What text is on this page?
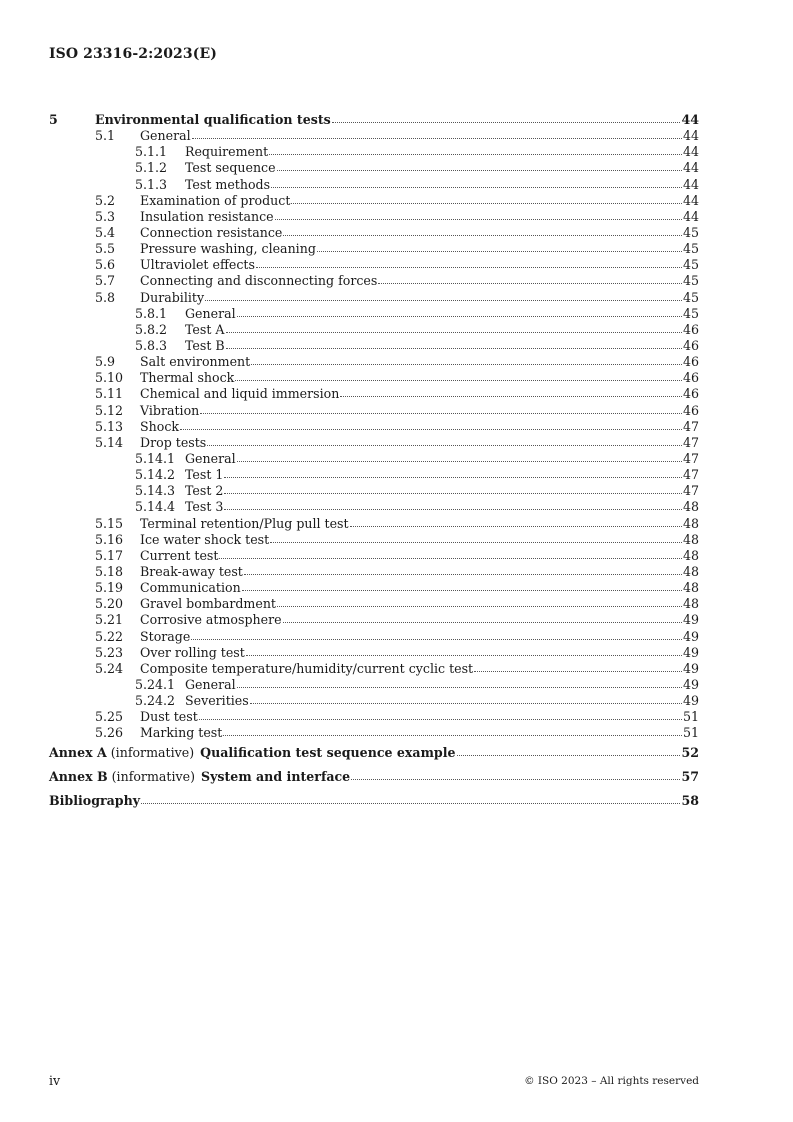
ISO 23316-2:2023(E)
5	Environmental qualification tests	44
5.1	General	44
5.1.1	Requirement	44
5.1.2	Test sequence	44
5.1.3	Test methods	44
5.2	Examination of product	44
5.3	Insulation resistance	44
5.4	Connection resistance	45
5.5	Pressure washing, cleaning	45
5.6	Ultraviolet effects	45
5.7	Connecting and disconnecting forces	45
5.8	Durability	45
5.8.1	General	45
5.8.2	Test A	46
5.8.3	Test B	46
5.9	Salt environment	46
5.10	Thermal shock	46
5.11	Chemical and liquid immersion	46
5.12	Vibration	46
5.13	Shock	47
5.14	Drop tests	47
5.14.1 General	47
5.14.2 Test 1	47
5.14.3 Test 2	47
5.14.4 Test 3	48
5.15	Terminal retention/Plug pull test	48
5.16	Ice water shock test	48
5.17	Current test	48
5.18	Break-away test	48
5.19	Communication	48
5.20	Gravel bombardment	48
5.21	Corrosive atmosphere	49
5.22	Storage	49
5.23	Over rolling test	49
5.24	Composite temperature/humidity/current cyclic test	49
5.24.1 General	49
5.24.2 Severities	49
5.25	Dust test	51
5.26	Marking test	51
Annex A (informative) Qualification test sequence example	52
Annex B (informative) System and interface	57
Bibliography	58
iv	© ISO 2023 – All rights reserved
